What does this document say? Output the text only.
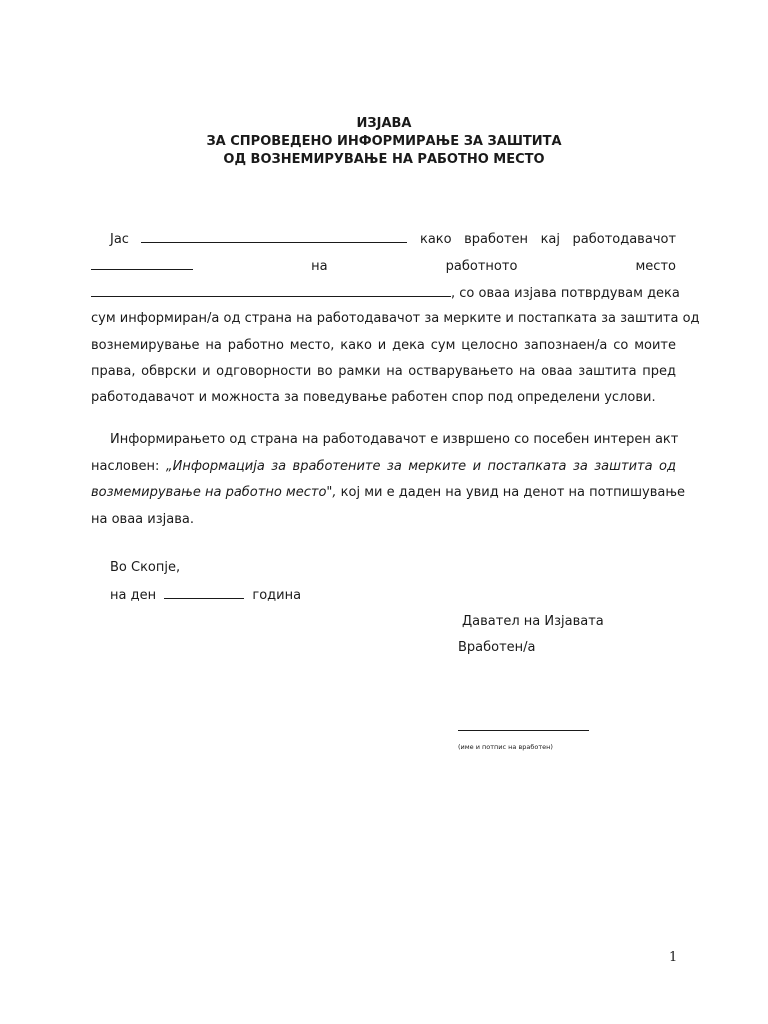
ИЗЈАВА
ЗА СПРОВЕДЕНО ИНФОРМИРАЊЕ ЗА ЗАШТИТА
ОД ВОЗНЕМИРУВАЊЕ НА РАБОТНО МЕСТО
Јас	како вработен кај работодавачот
на	работното	место
, со оваа изјава потврдувам дека
сум информиран/а од страна на работодавачот за мерките и постапката за заштита од
вознемирување на работно место, како и дека сум целосно запознаен/а со моите
права, обврски и одговорности во рамки на остварувањето на оваа заштита пред
работодавачот и можноста за поведување работен спор под определени услови.
Информирањето од страна на работодавачот е извршено со посебен интерен акт
насловен: „Информација за вработените за мерките и постапката за заштита од
возмемирување на работно место", кој ми е даден на увид на денот на потпишување
на оваа изјава.
Во Скопје,
на ден	година
Давател на Изјавата
Вработен/а
(име и потпис на вработен)
1
